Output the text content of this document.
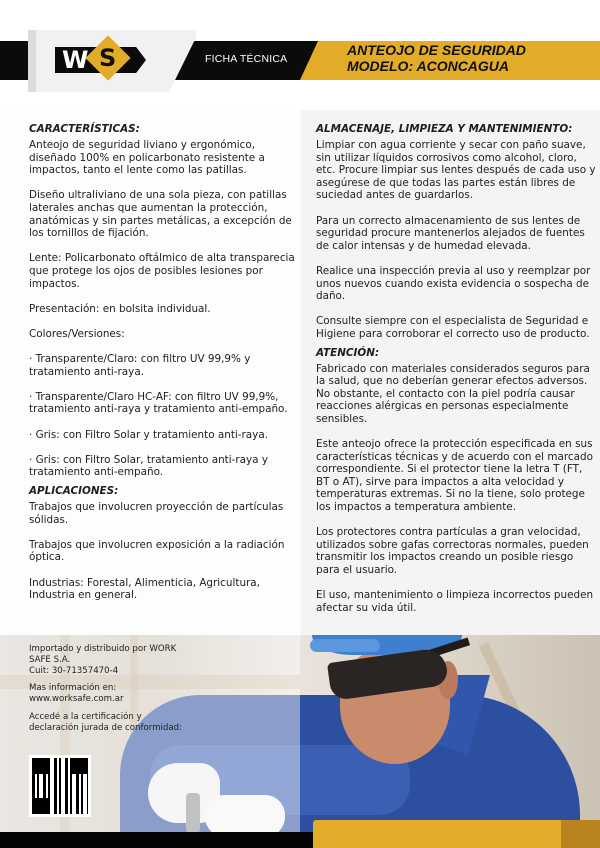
W S	FICHA TÉCNICA
ANTEOJO DE SEGURIDAD
MODELO: ACONCAGUA
CARACTERÍSTICAS:

Anteojo de seguridad liviano y ergonómico, diseñado 100% en policarbonato resistente a impactos, tanto el lente como las patillas.

Diseño ultraliviano de una sola pieza, con patillas laterales anchas que aumentan la protección, anatómicas y sin partes metálicas, a excepción de los tornillos de fijación.

Lente: Policarbonato oftálmico de alta transparecia que protege los ojos de posibles lesiones por impactos.

Presentación: en bolsita individual.

Colores/Versiones:

· Transparente/Claro: con filtro UV 99,9% y tratamiento anti-raya.

· Transparente/Claro HC-AF: con filtro UV 99,9%, tratamiento anti-raya y tratamiento anti-empaño.

· Gris: con Filtro Solar y tratamiento anti-raya.

· Gris: con Filtro Solar, tratamiento anti-raya y tratamiento anti-empaño.

APLICACIONES:

Trabajos que involucren proyección de partículas sólidas.

Trabajos que involucren exposición a la radiación óptica.

Industrias: Forestal, Alimenticia, Agricultura, Industria en general.

ALMACENAJE, LIMPIEZA Y MANTENIMIENTO:

Limpiar con agua corriente y secar con paño suave, sin utilizar líquidos corrosivos como alcohol, cloro, etc. Procure limpiar sus lentes después de cada uso y asegúrese de que todas las partes están libres de suciedad antes de guardarlos.

Para un correcto almacenamiento de sus lentes de seguridad procure mantenerlos alejados de fuentes de calor intensas y de humedad elevada.

Realice una inspección previa al uso y reemplzar por unos nuevos cuando exista evidencia o sospecha de daño.

Consulte siempre con el especialista de Seguridad e Higiene para corroborar el correcto uso de producto.

ATENCIÓN:

Fabricado con materiales considerados seguros para la salud, que no deberían generar efectos adversos. No obstante, el contacto con la piel podría causar reacciones alérgicas en personas especialmente sensibles.

Este anteojo ofrece la protección especificada en sus características técnicas y de acuerdo con el marcado correspondiente. Si el protector tiene la letra T (FT, BT o AT), sirve para impactos a alta velocidad y temperaturas extremas. Si no la tiene, solo protege los impactos a temperatura ambiente.

Los protectores contra partículas a gran velocidad, utilizados sobre gafas correctoras normales, pueden transmitir los impactos creando un posible riesgo para el usuario.

El uso, mantenimiento o limpieza incorrectos pueden afectar su vida útil.

Importado y distribuido por WORK SAFE S.A.
Cuit: 30-71357470-4
Mas información en:
www.worksafe.com.ar
Accedé a la certificación y declaración jurada de conformidad:
